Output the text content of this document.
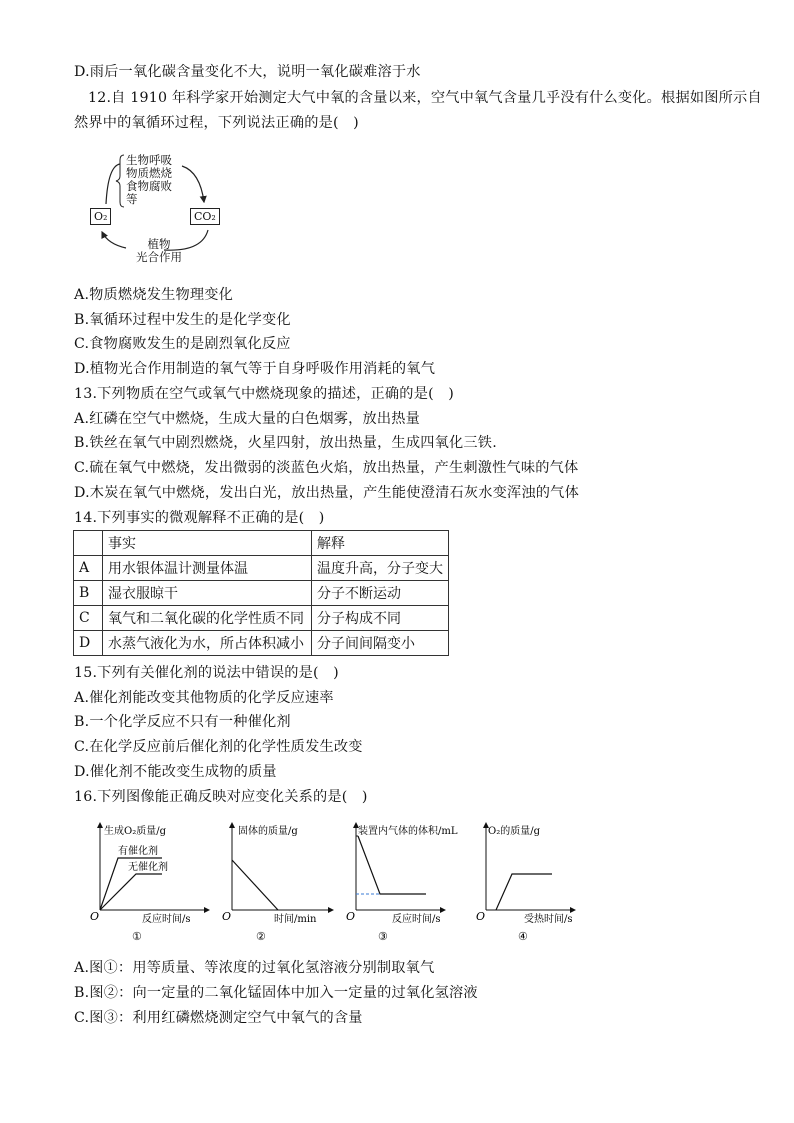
D.雨后一氧化碳含量变化不大，说明一氧化碳难溶于水
12.自 1910 年科学家开始测定大气中氧的含量以来，空气中氧气含量几乎没有什么变化。根据如图所示自
然界中的氧循环过程，下列说法正确的是(　)
生物呼吸
物质燃烧
食物腐败
等
O₂	CO₂
植物
光合作用
A.物质燃烧发生物理变化
B.氧循环过程中发生的是化学变化
C.食物腐败发生的是剧烈氧化反应
D.植物光合作用制造的氧气等于自身呼吸作用消耗的氧气
13.下列物质在空气或氧气中燃烧现象的描述，正确的是(　)
A.红磷在空气中燃烧，生成大量的白色烟雾，放出热量
B.铁丝在氧气中剧烈燃烧，火星四射，放出热量，生成四氧化三铁.
C.硫在氧气中燃烧，发出微弱的淡蓝色火焰，放出热量，产生刺激性气味的气体
D.木炭在氧气中燃烧，发出白光，放出热量，产生能使澄清石灰水变浑浊的气体
14.下列事实的微观解释不正确的是(　)
	事实	解释
A	用水银体温计测量体温	温度升高，分子变大
B	湿衣服晾干	分子不断运动
C	氧气和二氧化碳的化学性质不同	分子构成不同
D	水蒸气液化为水，所占体积减小	分子间间隔变小
15.下列有关催化剂的说法中错误的是(　)
A.催化剂能改变其他物质的化学反应速率
B.一个化学反应不只有一种催化剂
C.在化学反应前后催化剂的化学性质发生改变
D.催化剂不能改变生成物的质量
16.下列图像能正确反映对应变化关系的是(　)
生成O₂质量/g
有催化剂
无催化剂
O	反应时间/s
①
固体的质量/g
O	时间/min
②
装置内气体的体积/mL
O	反应时间/s
③
O₂的质量/g
O	受热时间/s
④
A.图①：用等质量、等浓度的过氧化氢溶液分别制取氧气
B.图②：向一定量的二氧化锰固体中加入一定量的过氧化氢溶液
C.图③：利用红磷燃烧测定空气中氧气的含量
